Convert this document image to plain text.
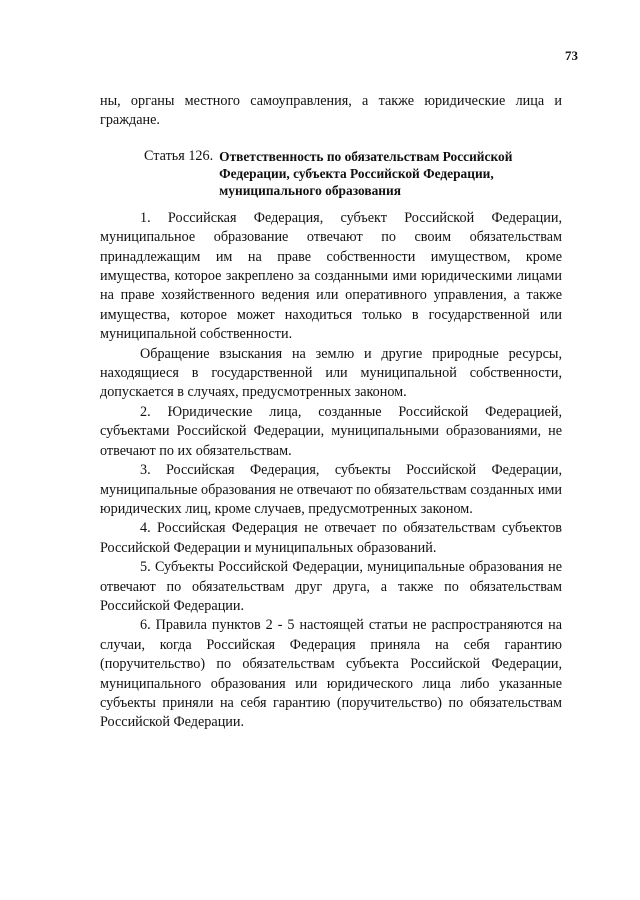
73

ны, органы местного самоуправления, а также юридические лица и граждане.

Статья 126. Ответственность по обязательствам Российской Федерации, субъекта Российской Федерации, муниципального образования

1. Российская Федерация, субъект Российской Федерации, муниципальное образование отвечают по своим обязательствам принадлежащим им на праве собственности имуществом, кроме имущества, которое закреплено за созданными ими юридическими лицами на праве хозяйственного ведения или оперативного управления, а также имущества, которое может находиться только в государственной или муниципальной собственности.

Обращение взыскания на землю и другие природные ресурсы, находящиеся в государственной или муниципальной собственности, допускается в случаях, предусмотренных законом.

2. Юридические лица, созданные Российской Федерацией, субъектами Российской Федерации, муниципальными образованиями, не отвечают по их обязательствам.

3. Российская Федерация, субъекты Российской Федерации, муниципальные образования не отвечают по обязательствам созданных ими юридических лиц, кроме случаев, предусмотренных законом.

4. Российская Федерация не отвечает по обязательствам субъектов Российской Федерации и муниципальных образований.

5. Субъекты Российской Федерации, муниципальные образования не отвечают по обязательствам друг друга, а также по обязательствам Российской Федерации.

6. Правила пунктов 2 - 5 настоящей статьи не распространяются на случаи, когда Российская Федерация приняла на себя гарантию (поручительство) по обязательствам субъекта Российской Федерации, муниципального образования или юридического лица либо указанные субъекты приняли на себя гарантию (поручительство) по обязательствам Российской Федерации.
